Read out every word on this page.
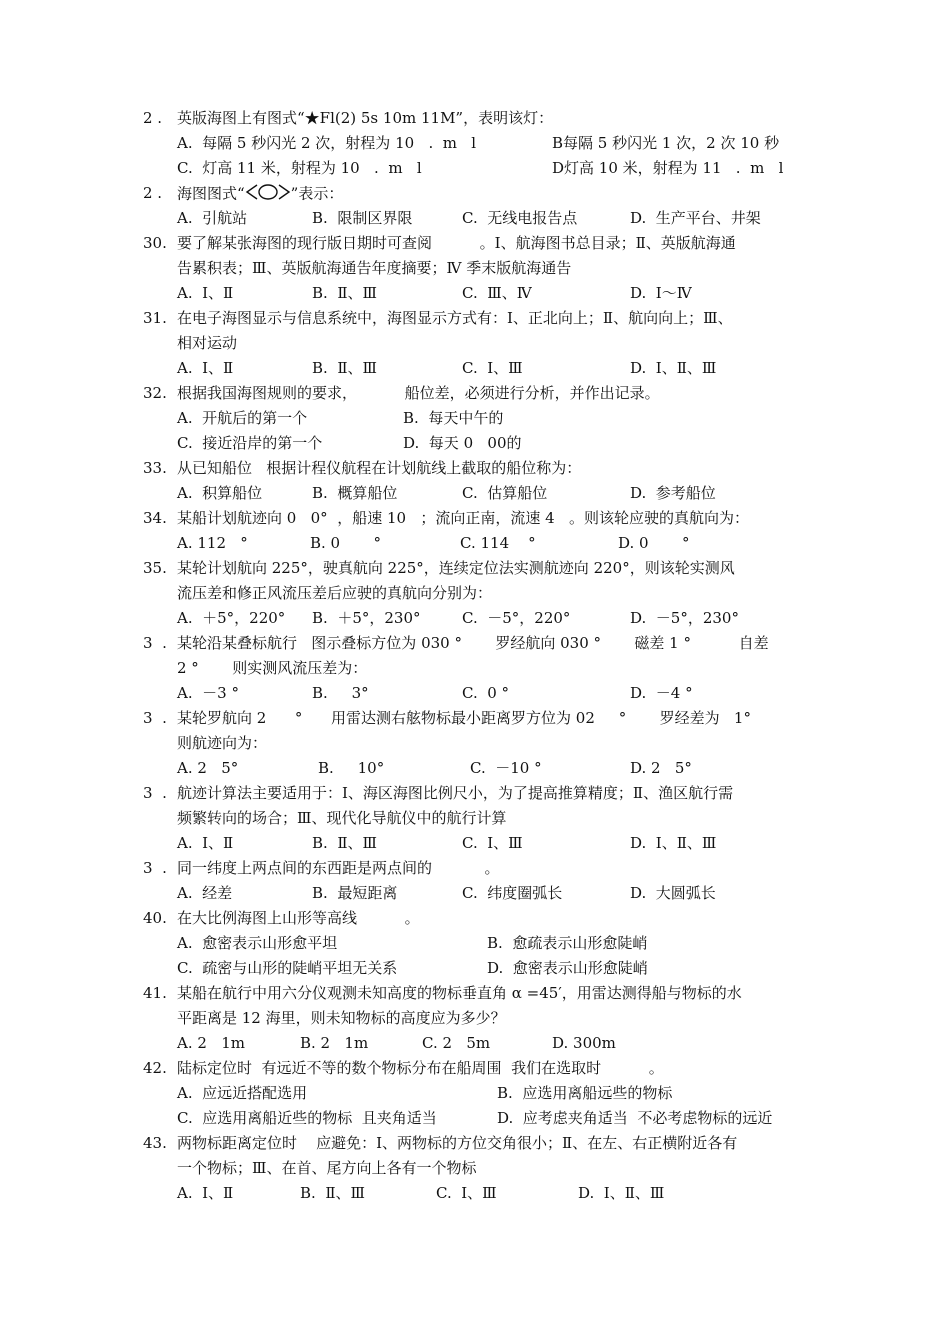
2 . 英版海图上有图式“★Fl(2) 5s 10m 11M”，表明该灯：
A.  每隔 5 秒闪光 2 次，射程为 10   .  m   l	B每隔 5 秒闪光 1 次，2 次 10 秒
C.  灯高 11 米，射程为 10   .  m   l	D灯高 10 米，射程为 11   .  m   l
2 . 海图图式“	”表示：
A.  引航站	B.  限制区界限	C.  无线电报告点	D.  生产平台、井架
30. 要了解某张海图的现行版日期时可查阅          。Ⅰ、航海图书总目录；Ⅱ、英版航海通
告累积表；Ⅲ、英版航海通告年度摘要；Ⅳ 季末版航海通告
A.  Ⅰ、Ⅱ	B.  Ⅱ、Ⅲ	C.  Ⅲ、Ⅳ	D.  Ⅰ～Ⅳ
31. 在电子海图显示与信息系统中，海图显示方式有：Ⅰ、正北向上；Ⅱ、航向向上；Ⅲ、
相对运动
A.  Ⅰ、Ⅱ	B.  Ⅱ、Ⅲ	C.  Ⅰ、Ⅲ	D.  Ⅰ、Ⅱ、Ⅲ
32. 根据我国海图规则的要求，          船位差，必须进行分析，并作出记录。
A.  开航后的第一个	B.  每天中午的
C.  接近沿岸的第一个	D.  每天 0   00的
33. 从已知船位   根据计程仪航程在计划航线上截取的船位称为：
A.  积算船位	B.  概算船位	C.  估算船位	D.  参考船位
34. 某船计划航迹向 0   0°  ，船速 10   ；流向正南，流速 4   。则该轮应驶的真航向为：
A. 112   °	B. 0       °	C. 114    °	D. 0       °
35. 某轮计划航向 225°，驶真航向 225°，连续定位法实测航迹向 220°，则该轮实测风
流压差和修正风流压差后应驶的真航向分别为：
A.  ＋5°，220° B.  ＋5°，230°	C.  －5°，220°	D.  －5°，230°
3  . 某轮沿某叠标航行   图示叠标方位为 030 °       罗经航向 030 °       磁差 1 °          自差
2 °       则实测风流压差为：
A.  －3 °	B.     3°	C.  0 °	D.  －4 °
3  . 某轮罗航向 2      °      用雷达测右舷物标最小距离罗方位为 02     °       罗经差为   1°
则航迹向为：
A. 2   5°	B.     10°	C.  －10 °	D. 2   5°
3  . 航迹计算法主要适用于：Ⅰ、海区海图比例尺小，为了提高推算精度；Ⅱ、渔区航行需
频繁转向的场合；Ⅲ、现代化导航仪中的航行计算
A.  Ⅰ、Ⅱ	B.  Ⅱ、Ⅲ	C.  Ⅰ、Ⅲ	D.  Ⅰ、Ⅱ、Ⅲ
3  . 同一纬度上两点间的东西距是两点间的           。
A.  经差	B.  最短距离	C.  纬度圈弧长	D.  大圆弧长
40. 在大比例海图上山形等高线          。
A.  愈密表示山形愈平坦	B.  愈疏表示山形愈陡峭
C.  疏密与山形的陡峭平坦无关系	D.  愈密表示山形愈陡峭
41. 某船在航行中用六分仪观测未知高度的物标垂直角 α =45′，用雷达测得船与物标的水
平距离是 12 海里，则未知物标的高度应为多少？
A. 2   1m	B. 2   1m	C. 2   5m	D. 300m
42. 陆标定位时  有远近不等的数个物标分布在船周围  我们在选取时          。
A.  应远近搭配选用	B.  应选用离船远些的物标
C.  应选用离船近些的物标  且夹角适当	D.  应考虑夹角适当  不必考虑物标的远近
43. 两物标距离定位时    应避免：Ⅰ、两物标的方位交角很小；Ⅱ、在左、右正横附近各有
一个物标；Ⅲ、在首、尾方向上各有一个物标
A.  Ⅰ、Ⅱ	B.  Ⅱ、Ⅲ	C.  Ⅰ、Ⅲ	D.  Ⅰ、Ⅱ、Ⅲ
